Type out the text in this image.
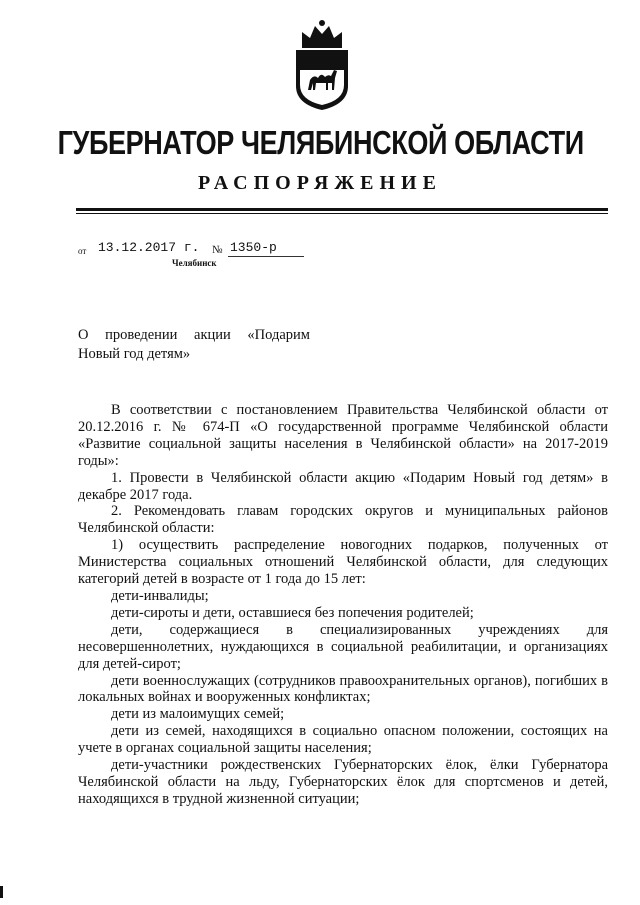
ГУБЕРНАТОР ЧЕЛЯБИНСКОЙ ОБЛАСТИ
РАСПОРЯЖЕНИЕ
от 13.12.2017 г. № 1350-р
Челябинск
О проведении акции «Подарим
Новый год детям»

В соответствии с постановлением Правительства Челябинской области от 20.12.2016 г. № 674-П «О государственной программе Челябинской области «Развитие социальной защиты населения в Челябинской области» на 2017-2019 годы»:

1. Провести в Челябинской области акцию «Подарим Новый год детям» в декабре 2017 года.

2. Рекомендовать главам городских округов и муниципальных районов Челябинской области:

1) осуществить распределение новогодних подарков, полученных от Министерства социальных отношений Челябинской области, для следующих категорий детей в возрасте от 1 года до 15 лет:

дети-инвалиды;

дети-сироты и дети, оставшиеся без попечения родителей;

дети, содержащиеся в специализированных учреждениях для несовершеннолетних, нуждающихся в социальной реабилитации, и организациях для детей-сирот;

дети военнослужащих (сотрудников правоохранительных органов), погибших в локальных войнах и вооруженных конфликтах;

дети из малоимущих семей;

дети из семей, находящихся в социально опасном положении, состоящих на учете в органах социальной защиты населения;

дети-участники рождественских Губернаторских ёлок, ёлки Губернатора Челябинской области на льду, Губернаторских ёлок для спортсменов и детей, находящихся в трудной жизненной ситуации;
